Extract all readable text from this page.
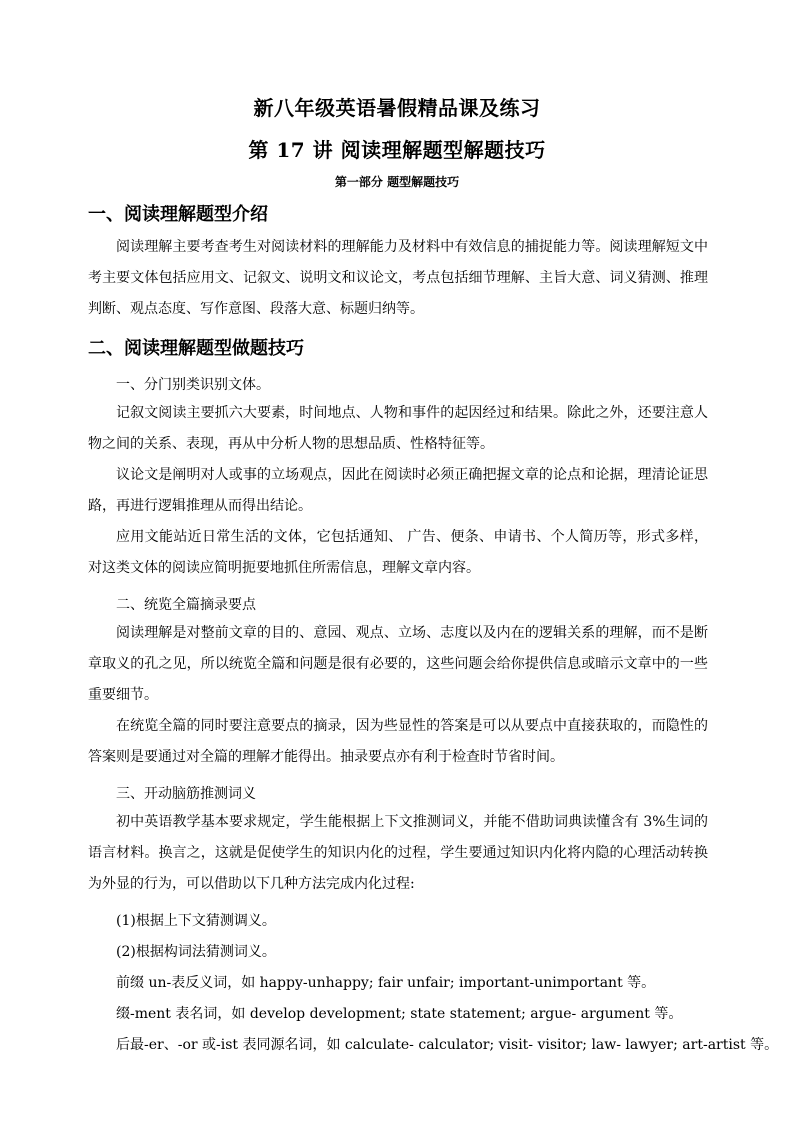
新八年级英语暑假精品课及练习
第 17 讲 阅读理解题型解题技巧
第一部分 题型解题技巧
一、阅读理解题型介绍
阅读理解主要考查考生对阅读材料的理解能力及材料中有效信息的捕捉能力等。阅读理解短文中考主要文体包括应用文、记叙文、说明文和议论文，考点包括细节理解、主旨大意、词义猜测、推理判断、观点态度、写作意图、段落大意、标题归纳等。
二、阅读理解题型做题技巧
一、分门别类识别文体。
记叙文阅读主要抓六大要素，时间地点、人物和事件的起因经过和结果。除此之外，还要注意人物之间的关系、表现，再从中分析人物的思想品质、性格特征等。
议论文是阐明对人或事的立场观点，因此在阅读时必须正确把握文章的论点和论据，理清论证思路，再进行逻辑推理从而得出结论。
应用文能站近日常生活的文体，它包括通知、 广告、便条、申请书、个人简历等，形式多样，对这类文体的阅读应简明扼要地抓住所需信息，理解文章内容。
二、统览全篇摘录要点
阅读理解是对整前文章的目的、意园、观点、立场、志度以及内在的逻辑关系的理解，而不是断章取义的孔之见，所以统览全篇和问题是很有必要的，这些问题会给你提供信息或暗示文章中的一些重要细节。
在统览全篇的同时要注意要点的摘录，因为些显性的答案是可以从要点中直接获取的，而隐性的答案则是要通过对全篇的理解才能得出。抽录要点亦有利于检查时节省时间。
三、开动脑筋推测词义
初中英语教学基本要求规定，学生能根据上下文推测词义，并能不借助词典读懂含有 3%生词的语言材料。换言之，这就是促使学生的知识内化的过程，学生要通过知识内化将内隐的心理活动转换为外显的行为，可以借助以下几种方法完成内化过程:
(1)根据上下文猜测调义。
(2)根据构词法猜测词义。
前缀 un-表反义词，如 happy-unhappy; fair unfair; important-unimportant 等。
缀-ment 表名词，如 develop development; state statement; argue- argument 等。
后最-er、-or 或-ist 表同源名词，如 calculate- calculator; visit- visitor; law- lawyer; art-artist 等。
